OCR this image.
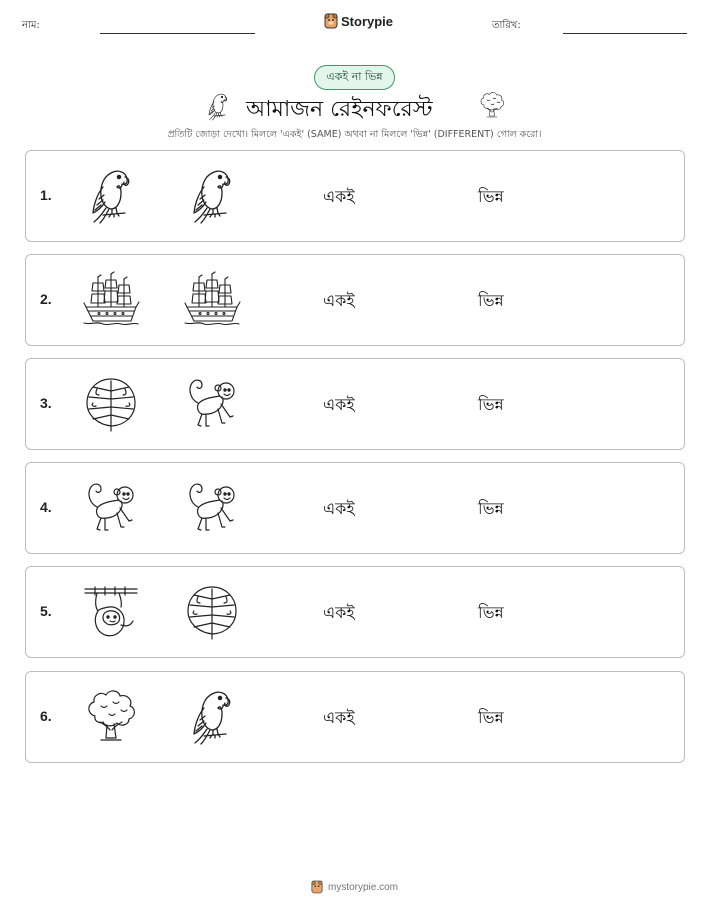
নাম:	Storypie	তারিখ:
একই না ভিন্ন
আমাজন রেইনফরেস্ট
প্রতিটি জোড়া দেখো। মিললে 'একই' (SAME) অথবা না মিললে 'ভিন্ন' (DIFFERENT) গোল করো।
1.	একই	ভিন্ন
2.	একই	ভিন্ন
3.	একই	ভিন্ন
4.	একই	ভিন্ন
5.	একই	ভিন্ন
6.	একই	ভিন্ন
mystorypie.com
